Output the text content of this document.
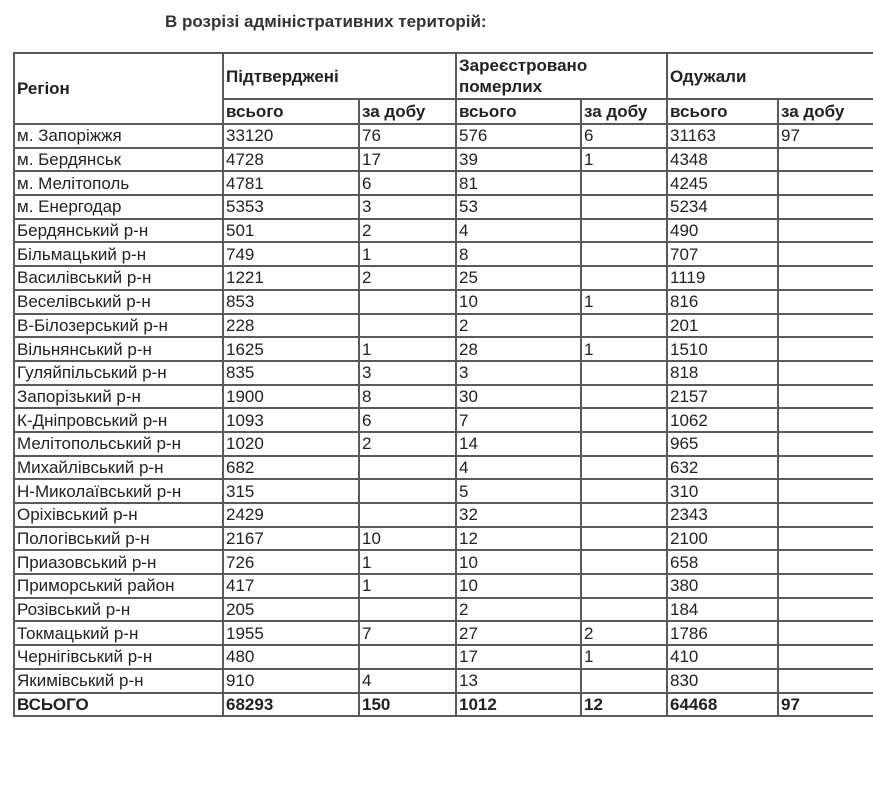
В розрізі адміністративних територій:
Регіон	Підтверджені		Зареєстровано померлих		Одужали	
	всього	за добу	всього	за добу	всього	за добу
м. Запоріжжя	33120	76	576	6	31163	97
м. Бердянськ	4728	17	39	1	4348	
м. Мелітополь	4781	6	81		4245	
м. Енергодар	5353	3	53		5234	
Бердянський р-н	501	2	4		490	
Більмацький р-н	749	1	8		707	
Василівський р-н	1221	2	25		1119	
Веселівський р-н	853		10	1	816	
В-Білозерський р-н	228		2		201	
Вільнянський р-н	1625	1	28	1	1510	
Гуляйпільський р-н	835	3	3		818	
Запорізький р-н	1900	8	30		2157	
К-Дніпровський р-н	1093	6	7		1062	
Мелітопольський р-н	1020	2	14		965	
Михайлівський р-н	682		4		632	
Н-Миколаївський р-н	315		5		310	
Оріхівський р-н	2429		32		2343	
Пологівський р-н	2167	10	12		2100	
Приазовський р-н	726	1	10		658	
Приморський район	417	1	10		380	
Розівський р-н	205		2		184	
Токмацький р-н	1955	7	27	2	1786	
Чернігівський р-н	480		17	1	410	
Якимівський р-н	910	4	13		830	
ВСЬОГО	68293	150	1012	12	64468	97
